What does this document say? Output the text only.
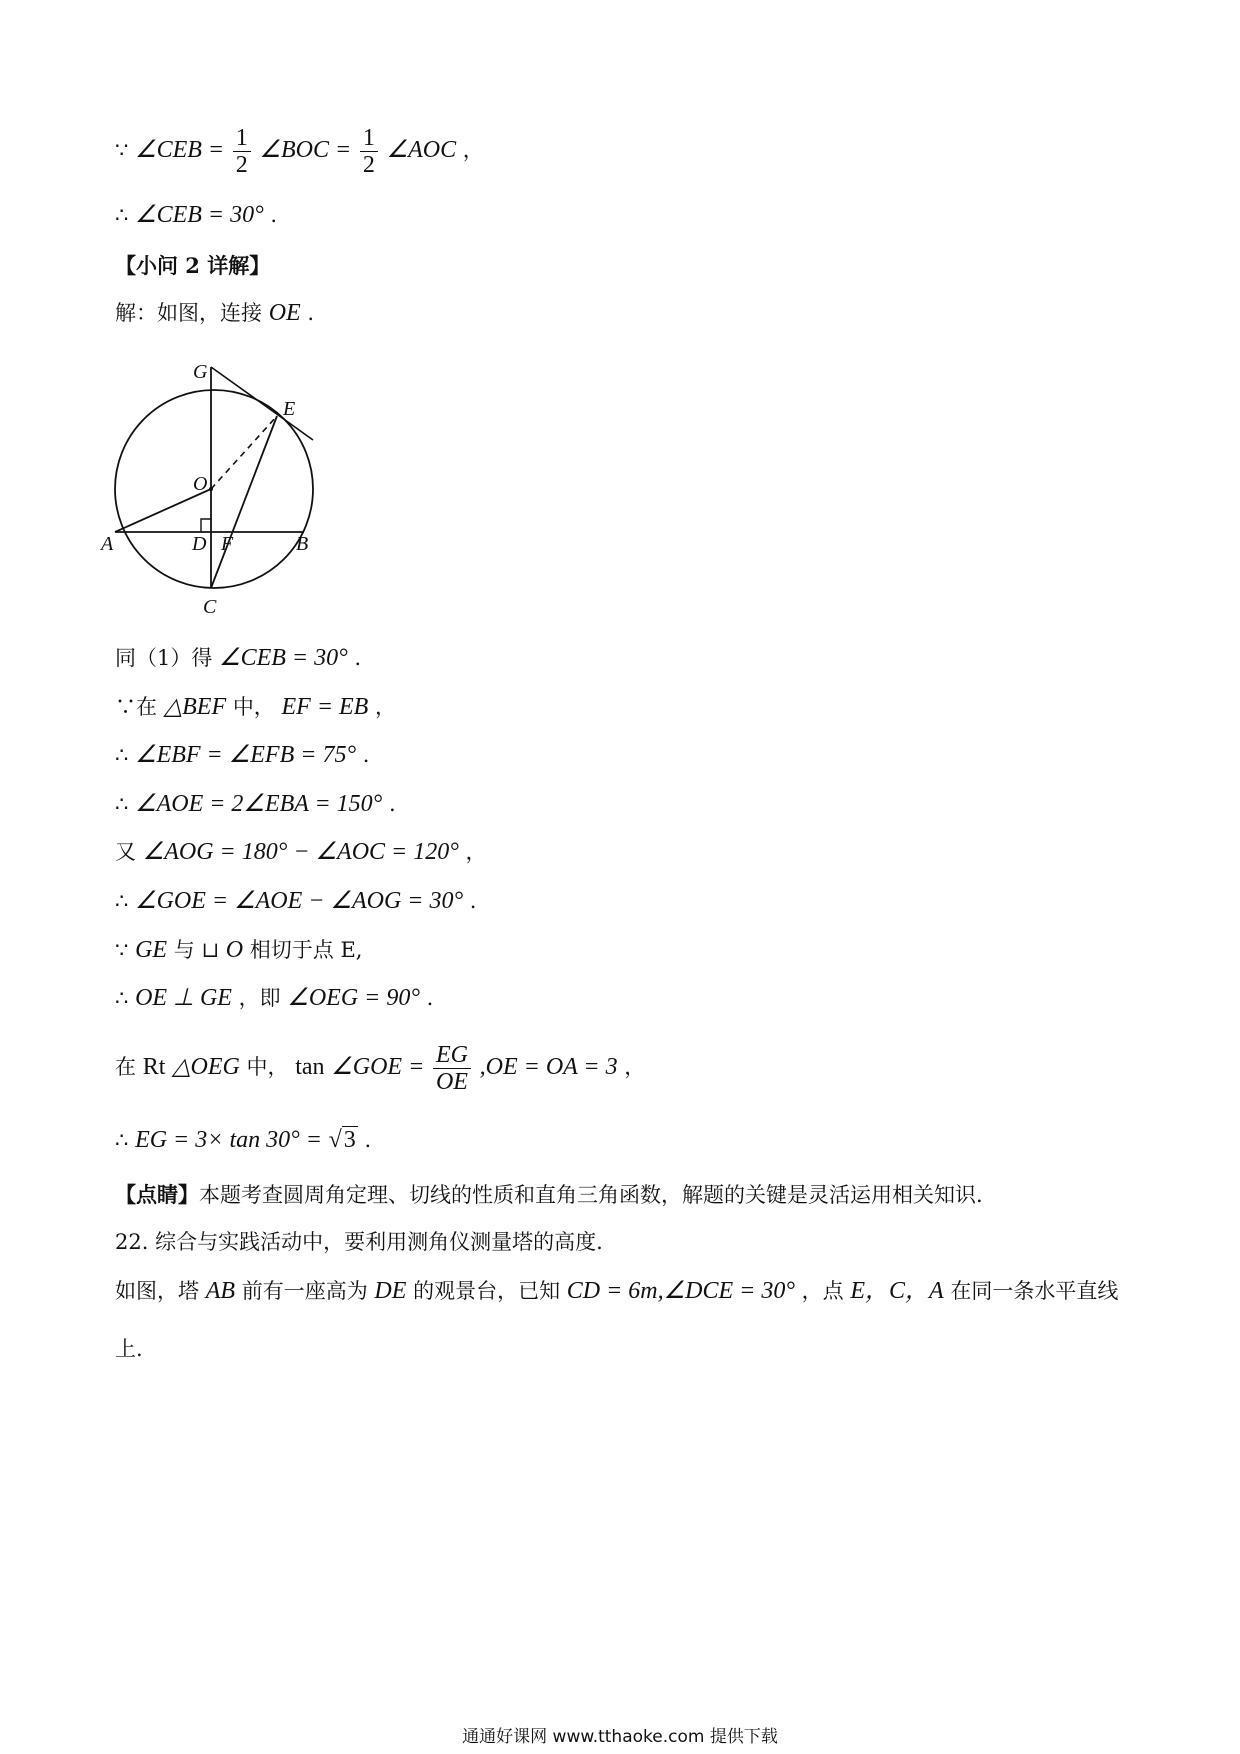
∵ ∠CEB = $\frac{1}{2}$ ∠BOC = $\frac{1}{2}$ ∠AOC ，
∴ ∠CEB = 30° .
【小问 2 详解】
解：如图，连接 OE .
G
E
O
A	D F	B
C
同（1）得 ∠CEB = 30° .
∵在 △BEF 中， EF = EB ，
∴ ∠EBF = ∠EFB = 75° .
∴ ∠AOE = 2∠EBA = 150° .
又 ∠AOG = 180° − ∠AOC = 120° ，
∴ ∠GOE = ∠AOE − ∠AOG = 30° .
∵ GE 与 ⊔ O 相切于点 E,
∴ OE ⊥ GE ，即 ∠OEG = 90° .
在 Rt △OEG 中， tan ∠GOE = $\frac{EG}{OE} ,OE$ = OA = 3 ，
∴ EG = 3× tan 30° = √3 .
【点睛】本题考查圆周角定理、切线的性质和直角三角函数，解题的关键是灵活运用相关知识.
22. 综合与实践活动中，要利用测角仪测量塔的高度.
如图，塔 AB 前有一座高为 DE 的观景台，已知 CD = 6m,∠DCE = 30° ，点 E，C，A 在同一条水平直线
上.
通通好课网 www.tthaoke.com 提供下载
